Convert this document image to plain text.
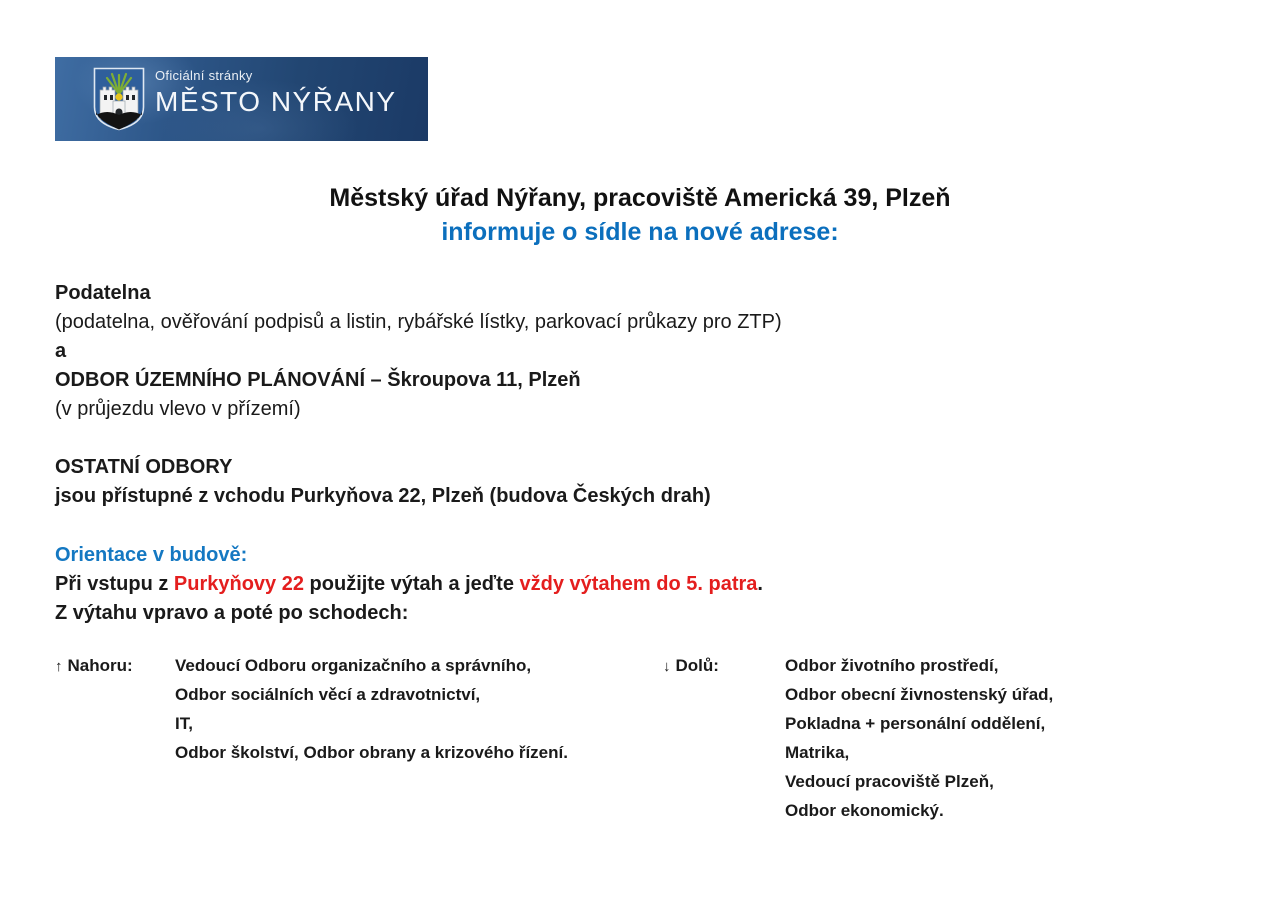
Oficiální stránky
MĚSTO NÝŘANY
Městský úřad Nýřany, pracoviště Americká 39, Plzeň
informuje o sídle na nové adrese:
Podatelna
(podatelna, ověřování podpisů a listin, rybářské lístky, parkovací průkazy pro ZTP)
a
ODBOR ÚZEMNÍHO PLÁNOVÁNÍ – Škroupova 11, Plzeň
(v průjezdu vlevo v přízemí)
OSTATNÍ ODBORY
jsou přístupné z vchodu Purkyňova 22, Plzeň (budova Českých drah)
Orientace v budově:
Při vstupu z Purkyňovy 22 použijte výtah a jeďte vždy výtahem do 5. patra.
Z výtahu vpravo a poté po schodech:
↑ Nahoru: Vedoucí Odboru organizačního a správního,
Odbor sociálních věcí a zdravotnictví,
IT,
Odbor školství, Odbor obrany a krizového řízení.
↓ Dolů:	Odbor životního prostředí,
Odbor obecní živnostenský úřad,
Pokladna + personální oddělení,
Matrika,
Vedoucí pracoviště Plzeň,
Odbor ekonomický.
